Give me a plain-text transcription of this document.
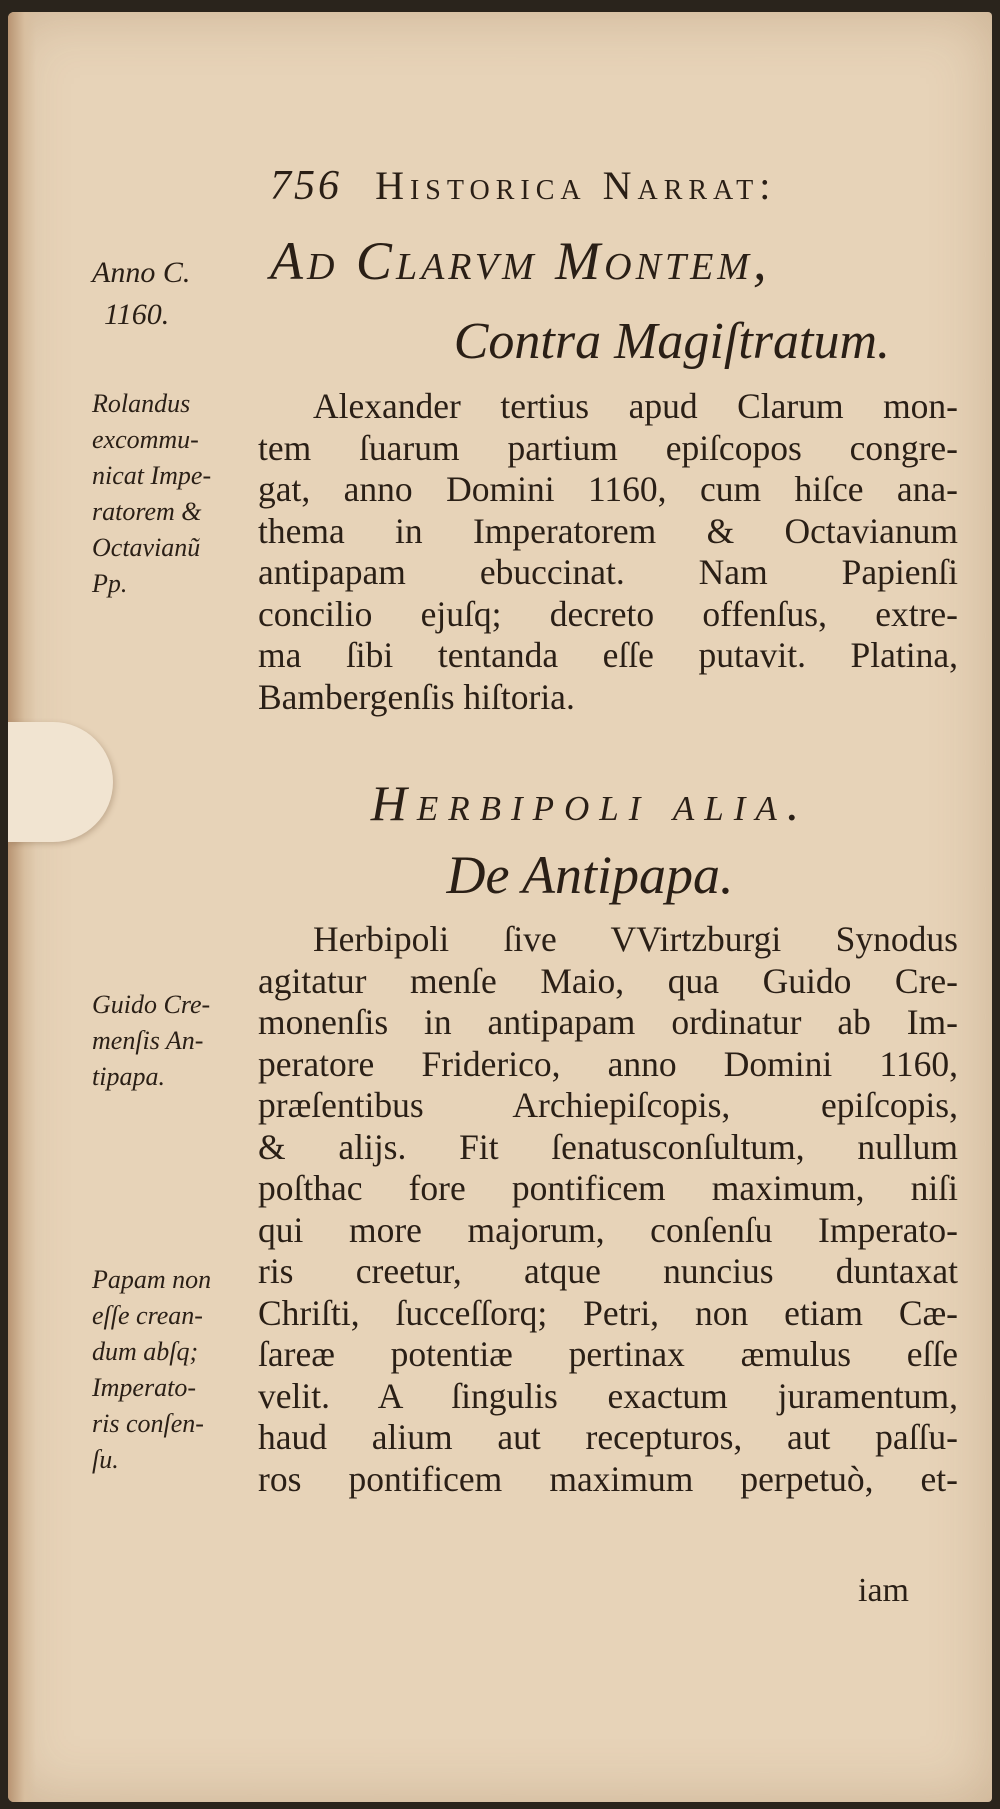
756 Historica Narrat:
Anno C.
1160.
Ad Clarvm Montem,
Contra Magiſtratum.
Rolandus
excommu-
nicat Impe-
ratorem &
Octavianũ
Pp.
Alexander tertius apud Clarum mon-
tem ſuarum partium epiſcopos congre-
gat, anno Domini 1160, cum hiſce ana-
thema in Imperatorem & Octavianum
antipapam ebuccinat. Nam Papienſi
concilio ejuſq; decreto offenſus, extre-
ma ſibi tentanda eſſe putavit. Platina,
Bambergenſis hiſtoria.
Herbipoli alia.
De Antipapa.
Guido Cre-
menſis An-
tipapa.
Papam non
eſſe crean-
dum abſq;
Imperato-
ris conſen-
ſu.
Herbipoli ſive VVirtzburgi Synodus
agitatur menſe Maio, qua Guido Cre-
monenſis in antipapam ordinatur ab Im-
peratore Friderico, anno Domini 1160,
præſentibus Archiepiſcopis, epiſcopis,
& alijs. Fit ſenatusconſultum, nullum
poſthac fore pontificem maximum, niſi
qui more majorum, conſenſu Imperato-
ris creetur, atque nuncius duntaxat
Chriſti, ſucceſſorq; Petri, non etiam Cæ-
ſareæ potentiæ pertinax æmulus eſſe
velit. A ſingulis exactum juramentum,
haud alium aut recepturos, aut paſſu-
ros pontificem maximum perpetuò, et-
iam
